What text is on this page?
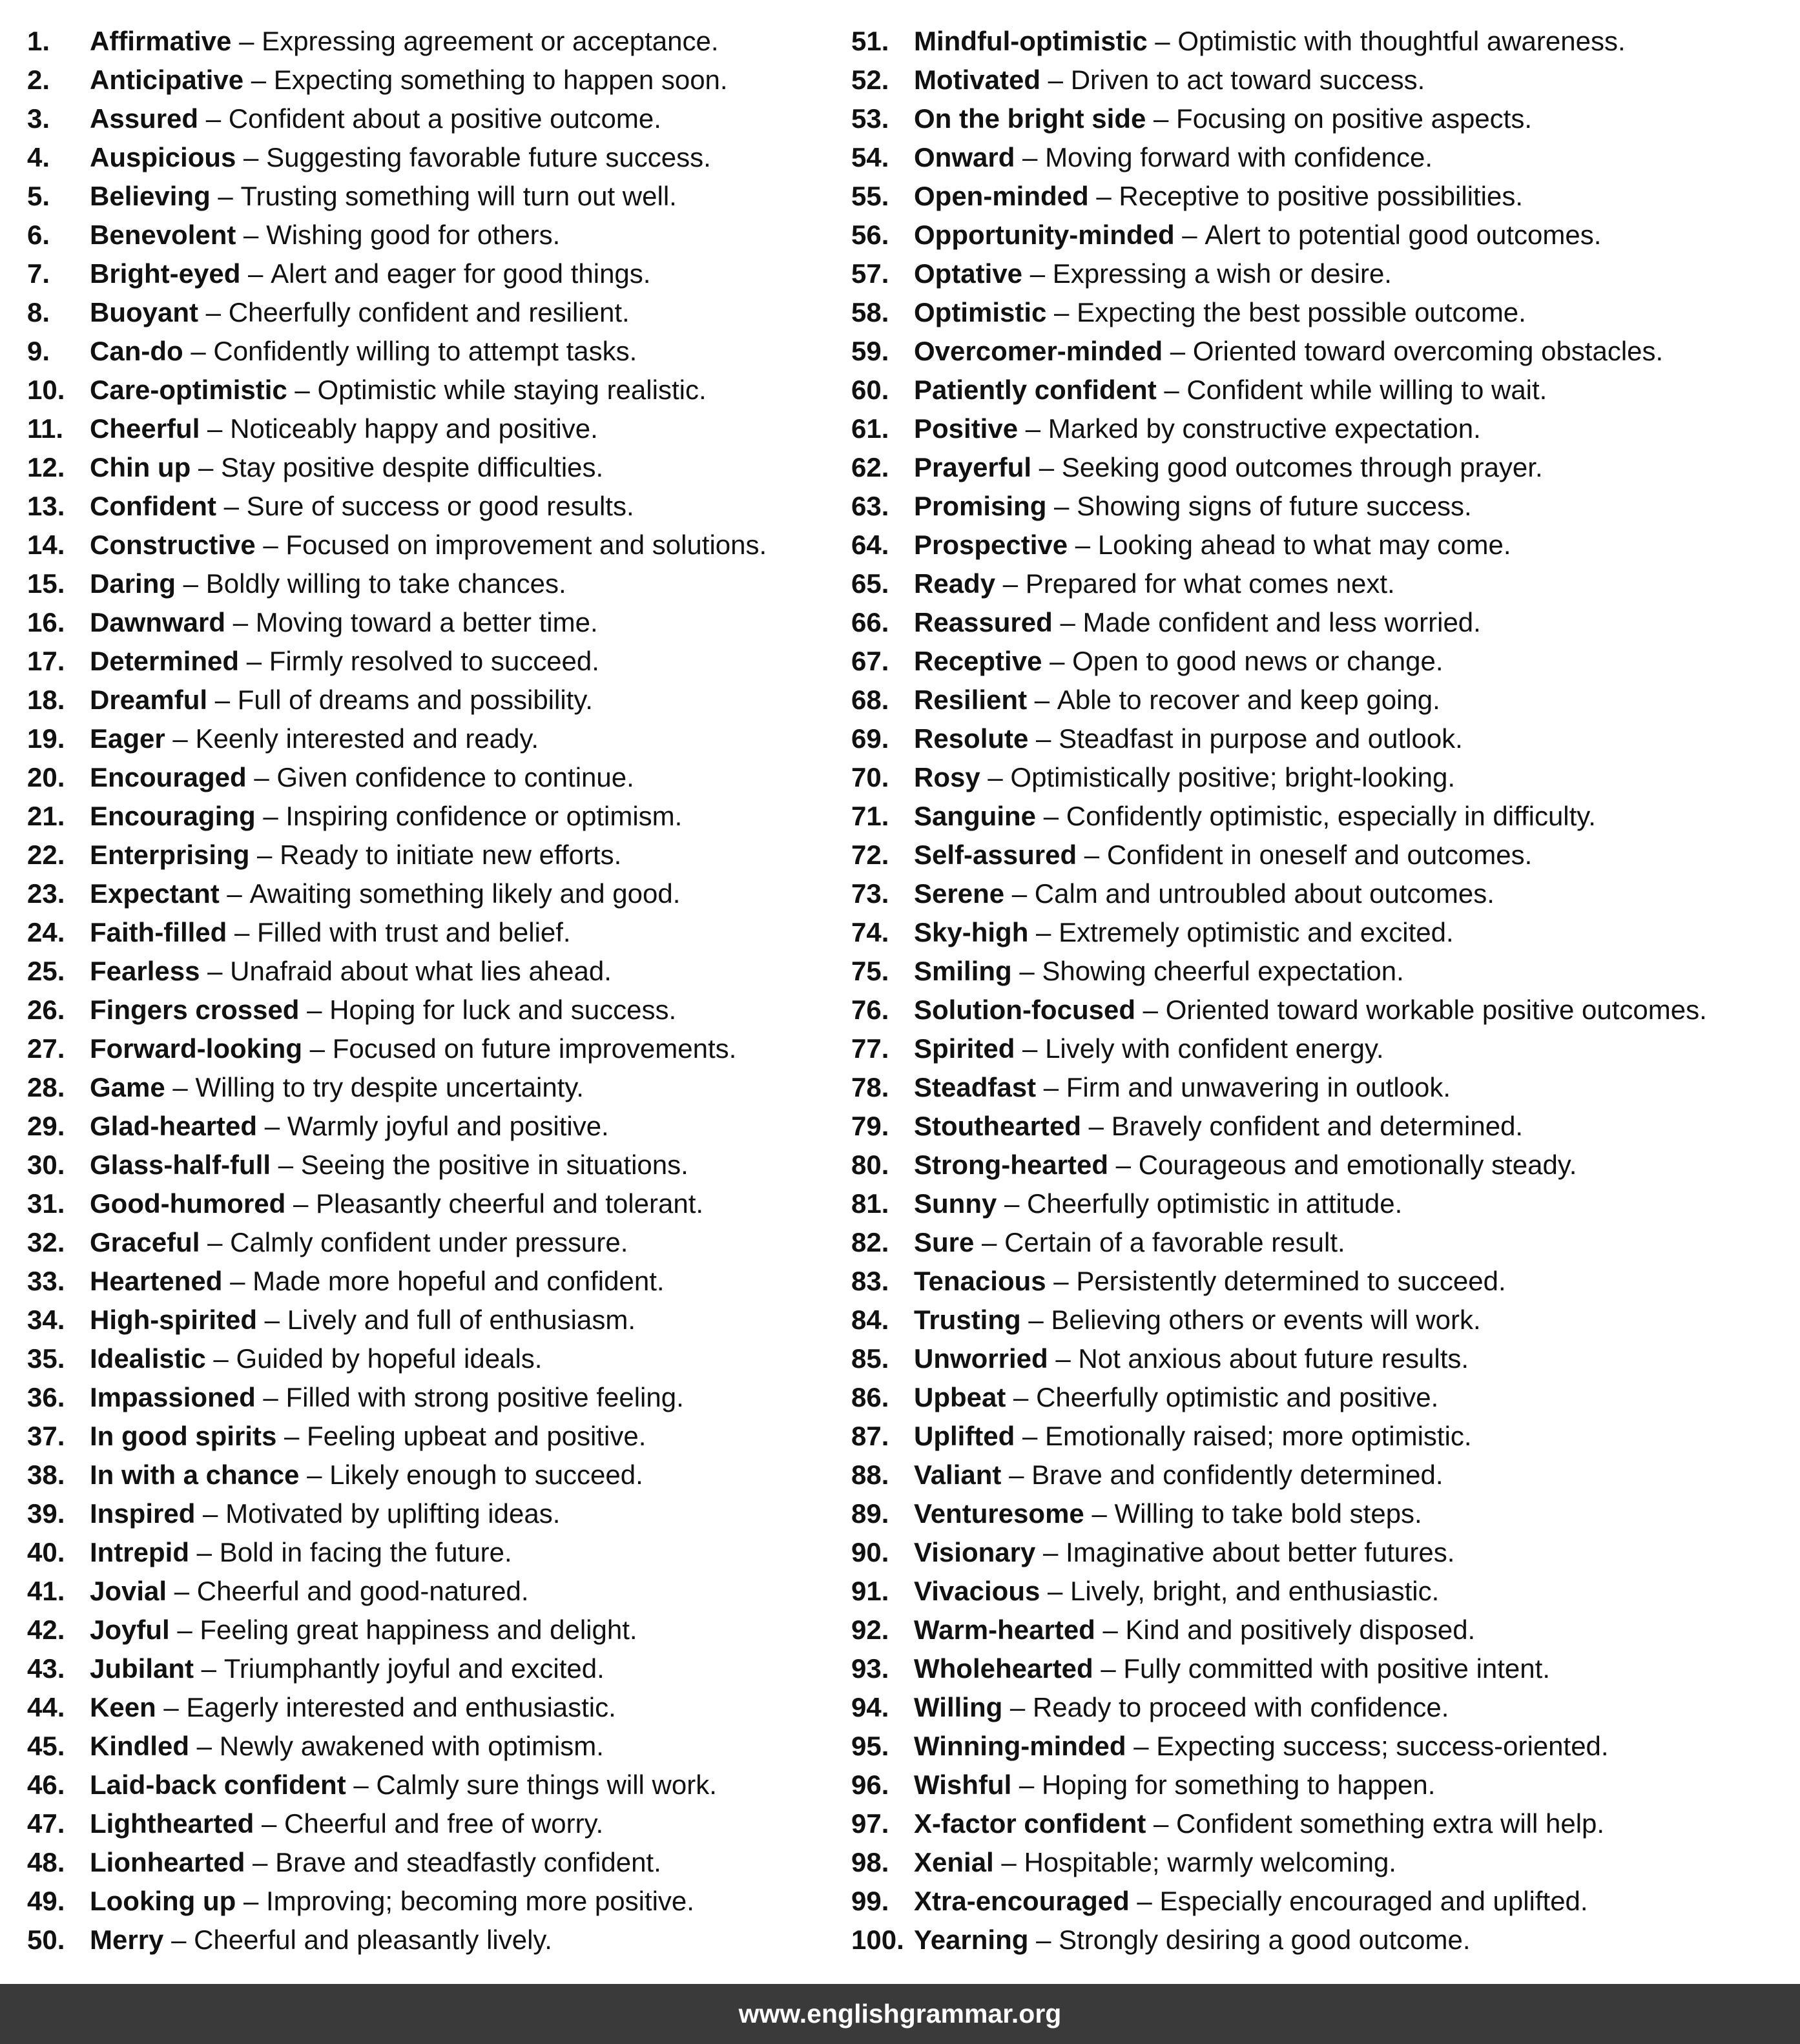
1.	Affirmative – Expressing agreement or acceptance.
2.	Anticipative – Expecting something to happen soon.
3.	Assured – Confident about a positive outcome.
4.	Auspicious – Suggesting favorable future success.
5.	Believing – Trusting something will turn out well.
6.	Benevolent – Wishing good for others.
7.	Bright-eyed – Alert and eager for good things.
8.	Buoyant – Cheerfully confident and resilient.
9.	Can-do – Confidently willing to attempt tasks.
10. Care-optimistic – Optimistic while staying realistic.
11. Cheerful – Noticeably happy and positive.
12. Chin up – Stay positive despite difficulties.
13. Confident – Sure of success or good results.
14. Constructive – Focused on improvement and solutions.
15. Daring – Boldly willing to take chances.
16. Dawnward – Moving toward a better time.
17. Determined – Firmly resolved to succeed.
18. Dreamful – Full of dreams and possibility.
19. Eager – Keenly interested and ready.
20. Encouraged – Given confidence to continue.
21. Encouraging – Inspiring confidence or optimism.
22. Enterprising – Ready to initiate new efforts.
23. Expectant – Awaiting something likely and good.
24. Faith-filled – Filled with trust and belief.
25. Fearless – Unafraid about what lies ahead.
26. Fingers crossed – Hoping for luck and success.
27. Forward-looking – Focused on future improvements.
28. Game – Willing to try despite uncertainty.
29. Glad-hearted – Warmly joyful and positive.
30. Glass-half-full – Seeing the positive in situations.
31. Good-humored – Pleasantly cheerful and tolerant.
32. Graceful – Calmly confident under pressure.
33. Heartened – Made more hopeful and confident.
34. High-spirited – Lively and full of enthusiasm.
35. Idealistic – Guided by hopeful ideals.
36. Impassioned – Filled with strong positive feeling.
37. In good spirits – Feeling upbeat and positive.
38. In with a chance – Likely enough to succeed.
39. Inspired – Motivated by uplifting ideas.
40. Intrepid – Bold in facing the future.
41. Jovial – Cheerful and good-natured.
42. Joyful – Feeling great happiness and delight.
43. Jubilant – Triumphantly joyful and excited.
44. Keen – Eagerly interested and enthusiastic.
45. Kindled – Newly awakened with optimism.
46. Laid-back confident – Calmly sure things will work.
47. Lighthearted – Cheerful and free of worry.
48. Lionhearted – Brave and steadfastly confident.
49. Looking up – Improving; becoming more positive.
50. Merry – Cheerful and pleasantly lively.
51. Mindful-optimistic – Optimistic with thoughtful awareness.
52. Motivated – Driven to act toward success.
53. On the bright side – Focusing on positive aspects.
54. Onward – Moving forward with confidence.
55. Open-minded – Receptive to positive possibilities.
56. Opportunity-minded – Alert to potential good outcomes.
57. Optative – Expressing a wish or desire.
58. Optimistic – Expecting the best possible outcome.
59. Overcomer-minded – Oriented toward overcoming obstacles.
60. Patiently confident – Confident while willing to wait.
61. Positive – Marked by constructive expectation.
62. Prayerful – Seeking good outcomes through prayer.
63. Promising – Showing signs of future success.
64. Prospective – Looking ahead to what may come.
65. Ready – Prepared for what comes next.
66. Reassured – Made confident and less worried.
67. Receptive – Open to good news or change.
68. Resilient – Able to recover and keep going.
69. Resolute – Steadfast in purpose and outlook.
70. Rosy – Optimistically positive; bright-looking.
71. Sanguine – Confidently optimistic, especially in difficulty.
72. Self-assured – Confident in oneself and outcomes.
73. Serene – Calm and untroubled about outcomes.
74. Sky-high – Extremely optimistic and excited.
75. Smiling – Showing cheerful expectation.
76. Solution-focused – Oriented toward workable positive outcomes.
77. Spirited – Lively with confident energy.
78. Steadfast – Firm and unwavering in outlook.
79. Stouthearted – Bravely confident and determined.
80. Strong-hearted – Courageous and emotionally steady.
81. Sunny – Cheerfully optimistic in attitude.
82. Sure – Certain of a favorable result.
83. Tenacious – Persistently determined to succeed.
84. Trusting – Believing others or events will work.
85. Unworried – Not anxious about future results.
86. Upbeat – Cheerfully optimistic and positive.
87. Uplifted – Emotionally raised; more optimistic.
88. Valiant – Brave and confidently determined.
89. Venturesome – Willing to take bold steps.
90. Visionary – Imaginative about better futures.
91. Vivacious – Lively, bright, and enthusiastic.
92. Warm-hearted – Kind and positively disposed.
93. Wholehearted – Fully committed with positive intent.
94. Willing – Ready to proceed with confidence.
95. Winning-minded – Expecting success; success-oriented.
96. Wishful – Hoping for something to happen.
97. X-factor confident – Confident something extra will help.
98. Xenial – Hospitable; warmly welcoming.
99. Xtra-encouraged – Especially encouraged and uplifted.
100. Yearning – Strongly desiring a good outcome.
www.englishgrammar.org
